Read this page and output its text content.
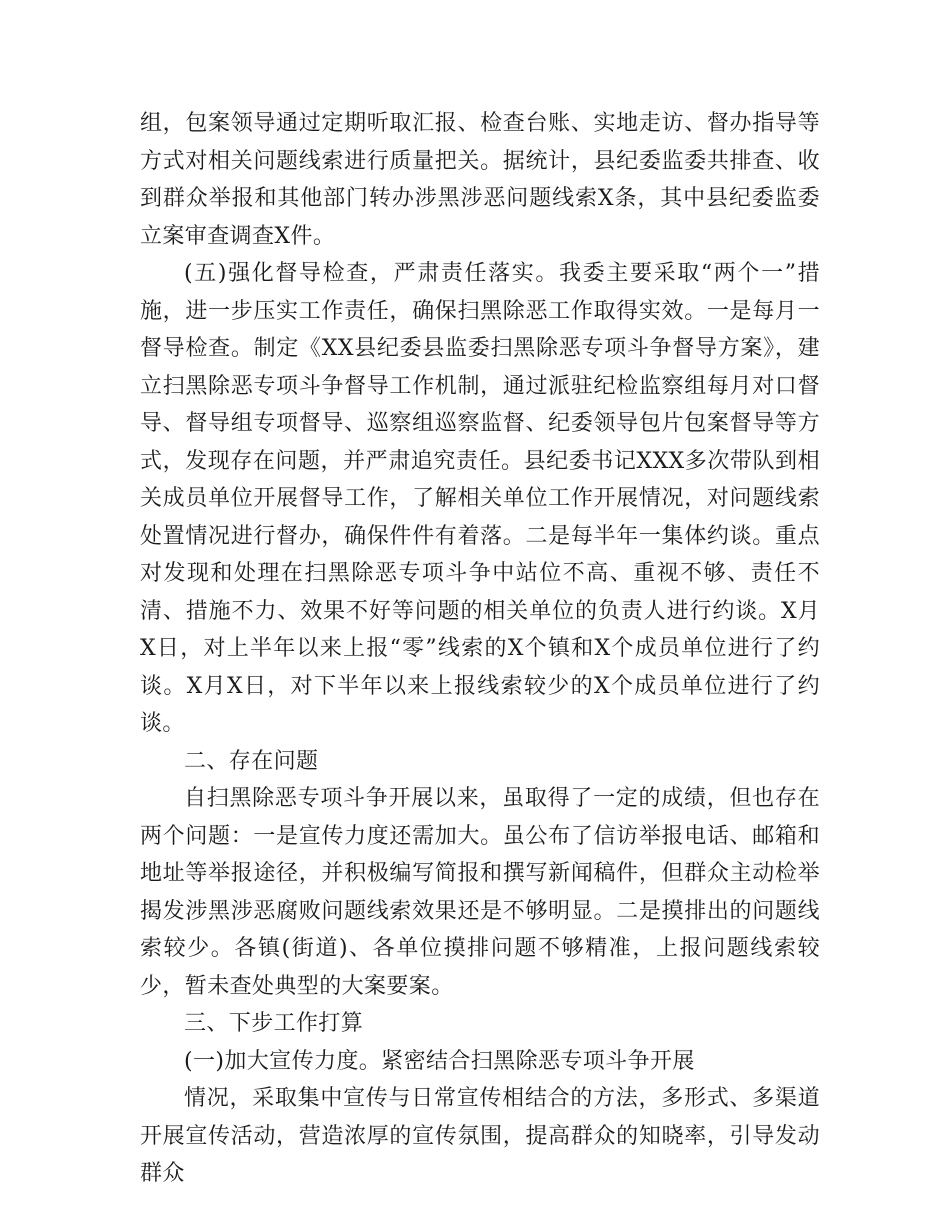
组，包案领导通过定期听取汇报、检查台账、实地走访、督办指导等方式对相关问题线索进行质量把关。据统计，县纪委监委共排查、收到群众举报和其他部门转办涉黑涉恶问题线索X条，其中县纪委监委立案审查调查X件。

(五)强化督导检查，严肃责任落实。我委主要采取“两个一”措施，进一步压实工作责任，确保扫黑除恶工作取得实效。一是每月一督导检查。制定《XX县纪委县监委扫黑除恶专项斗争督导方案》，建立扫黑除恶专项斗争督导工作机制，通过派驻纪检监察组每月对口督导、督导组专项督导、巡察组巡察监督、纪委领导包片包案督导等方式，发现存在问题，并严肃追究责任。县纪委书记XXX多次带队到相关成员单位开展督导工作，了解相关单位工作开展情况，对问题线索处置情况进行督办，确保件件有着落。二是每半年一集体约谈。重点对发现和处理在扫黑除恶专项斗争中站位不高、重视不够、责任不清、措施不力、效果不好等问题的相关单位的负责人进行约谈。X月X日，对上半年以来上报“零”线索的X个镇和X个成员单位进行了约谈。X月X日，对下半年以来上报线索较少的X个成员单位进行了约谈。

二、存在问题

自扫黑除恶专项斗争开展以来，虽取得了一定的成绩，但也存在两个问题：一是宣传力度还需加大。虽公布了信访举报电话、邮箱和地址等举报途径，并积极编写简报和撰写新闻稿件，但群众主动检举揭发涉黑涉恶腐败问题线索效果还是不够明显。二是摸排出的问题线索较少。各镇(街道)、各单位摸排问题不够精准，上报问题线索较少，暂未查处典型的大案要案。

三、下步工作打算

(一)加大宣传力度。紧密结合扫黑除恶专项斗争开展

情况，采取集中宣传与日常宣传相结合的方法，多形式、多渠道开展宣传活动，营造浓厚的宣传氛围，提高群众的知晓率，引导发动群众
